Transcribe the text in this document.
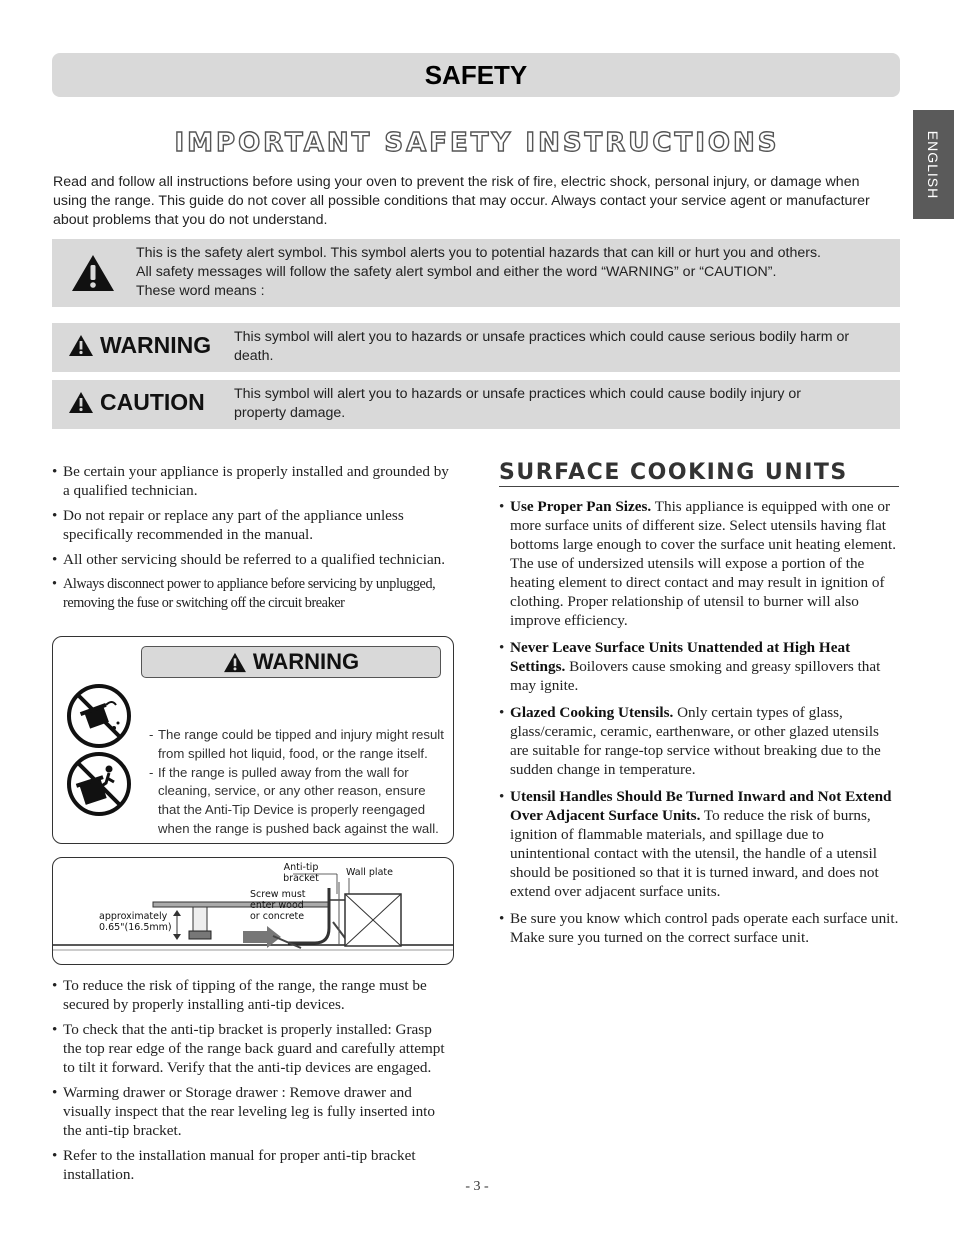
SAFETY
ENGLISH
IMPORTANT SAFETY INSTRUCTIONS
Read and follow all instructions before using your oven to prevent the risk of fire, electric shock, personal injury, or damage when using the range. This guide do not cover all possible conditions that may occur. Always contact your service agent or manufacturer about problems that you do not understand.
This is the safety alert symbol. This symbol alerts you to potential hazards that can kill or hurt you and others.
All safety messages will follow the safety alert symbol and either the word “WARNING” or “CAUTION”.
These word means :
WARNING This symbol will alert you to hazards or unsafe practices which could cause serious bodily harm or death.
CAUTION This symbol will alert you to hazards or unsafe practices which could cause bodily injury or property damage.
• Be certain your appliance is properly installed and grounded by a qualified technician.
• Do not repair or replace any part of the appliance unless specifically recommended in the manual.
• All other servicing should be referred to a qualified technician.
• Always disconnect power to appliance before servicing by unplugged, removing the fuse or switching off the circuit breaker
WARNING

- The range could be tipped and injury might result from spilled hot liquid, food, or the range itself.

- If the range is pulled away from the wall for cleaning, service, or any other reason, ensure that the Anti-Tip Device is properly reengaged when the range is pushed back against the wall.

Anti-tip bracket
Wall plate
Screw must
enter wood
or concrete
approximately
0.65"(16.5mm)
• To reduce the risk of tipping of the range, the range must be secured by properly installing anti-tip devices.
• To check that the anti-tip bracket is properly installed: Grasp the top rear edge of the range back guard and carefully attempt to tilt it forward. Verify that the anti-tip devices are engaged.
• Warming drawer or Storage drawer : Remove drawer and visually inspect that the rear leveling leg is fully inserted into the anti-tip bracket.
• Refer to the installation manual for proper anti-tip bracket installation.
SURFACE COOKING UNITS
• Use Proper Pan Sizes. This appliance is equipped with one or more surface units of different size. Select utensils having flat bottoms large enough to cover the surface unit heating element.
The use of undersized utensils will expose a portion of the heating element to direct contact and may result in ignition of clothing. Proper relationship of utensil to burner will also improve efficiency.
• Never Leave Surface Units Unattended at High Heat Settings. Boilovers cause smoking and greasy spillovers that may ignite.
• Glazed Cooking Utensils. Only certain types of glass, glass/ceramic, ceramic, earthenware, or other glazed utensils are suitable for range-top service without breaking due to the sudden change in temperature.
• Utensil Handles Should Be Turned Inward and Not Extend Over Adjacent Surface Units. To reduce the risk of burns, ignition of flammable materials, and spillage due to unintentional contact with the utensil, the handle of a utensil should be positioned so that it is turned inward, and does not extend over adjacent surface units.
• Be sure you know which control pads operate each surface unit.
Make sure you turned on the correct surface unit.
- 3 -
